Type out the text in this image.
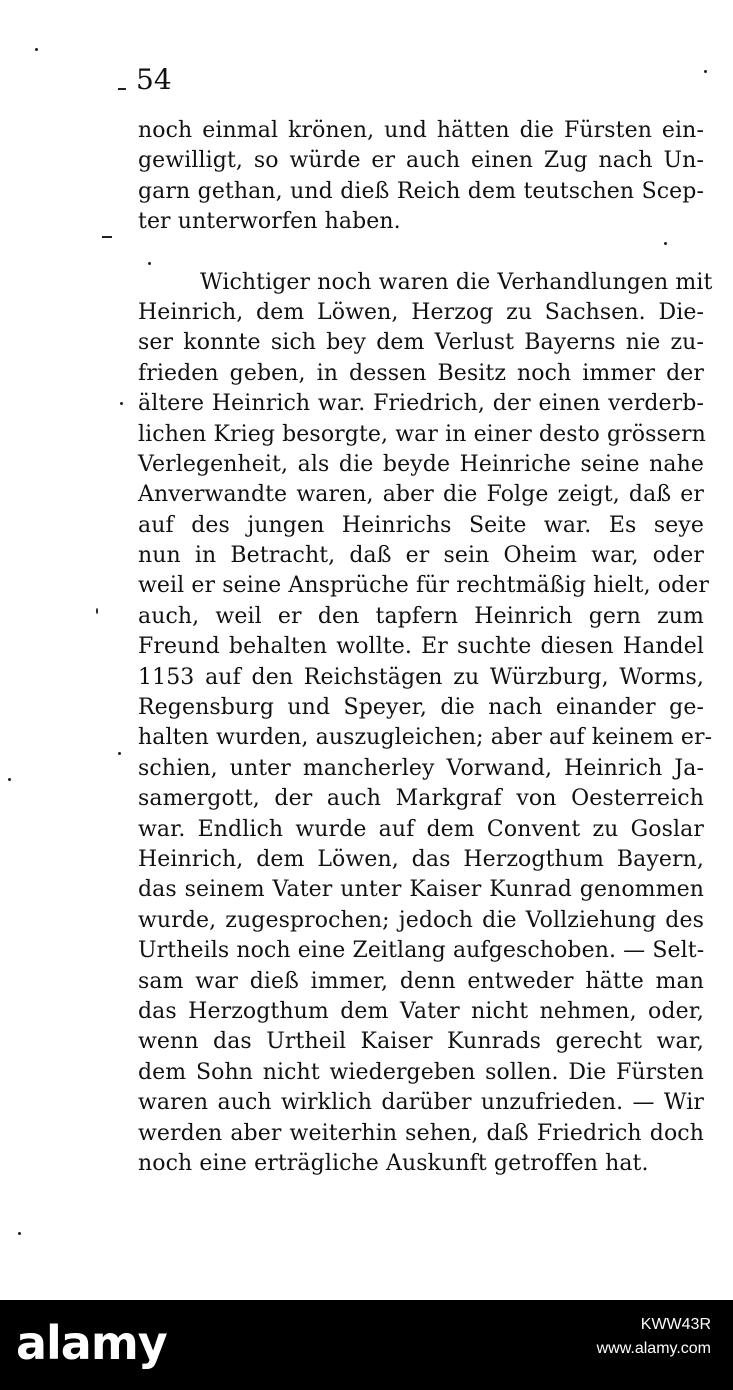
54
noch einmal krönen, und hätten die Fürsten ein-
gewilligt, so würde er auch einen Zug nach Un-
garn gethan, und dieß Reich dem teutschen Scep-
ter unterworfen haben.
Wichtiger noch waren die Verhandlungen mit
Heinrich, dem Löwen, Herzog zu Sachsen. Die-
ser konnte sich bey dem Verlust Bayerns nie zu-
frieden geben, in dessen Besitz noch immer der
ältere Heinrich war. Friedrich, der einen verderb-
lichen Krieg besorgte, war in einer desto grössern
Verlegenheit, als die beyde Heinriche seine nahe
Anverwandte waren, aber die Folge zeigt, daß er
auf des jungen Heinrichs Seite war. Es seye
nun in Betracht, daß er sein Oheim war, oder
weil er seine Ansprüche für rechtmäßig hielt, oder
auch, weil er den tapfern Heinrich gern zum
Freund behalten wollte. Er suchte diesen Handel
1153 auf den Reichstägen zu Würzburg, Worms,
Regensburg und Speyer, die nach einander ge-
halten wurden, auszugleichen; aber auf keinem er-
schien, unter mancherley Vorwand, Heinrich Ja-
samergott, der auch Markgraf von Oesterreich
war. Endlich wurde auf dem Convent zu Goslar
Heinrich, dem Löwen, das Herzogthum Bayern,
das seinem Vater unter Kaiser Kunrad genommen
wurde, zugesprochen; jedoch die Vollziehung des
Urtheils noch eine Zeitlang aufgeschoben. — Selt-
sam war dieß immer, denn entweder hätte man
das Herzogthum dem Vater nicht nehmen, oder,
wenn das Urtheil Kaiser Kunrads gerecht war,
dem Sohn nicht wiedergeben sollen. Die Fürsten
waren auch wirklich darüber unzufrieden. — Wir
werden aber weiterhin sehen, daß Friedrich doch
noch eine erträgliche Auskunft getroffen hat.
alamy	KWW43R
www.alamy.com
